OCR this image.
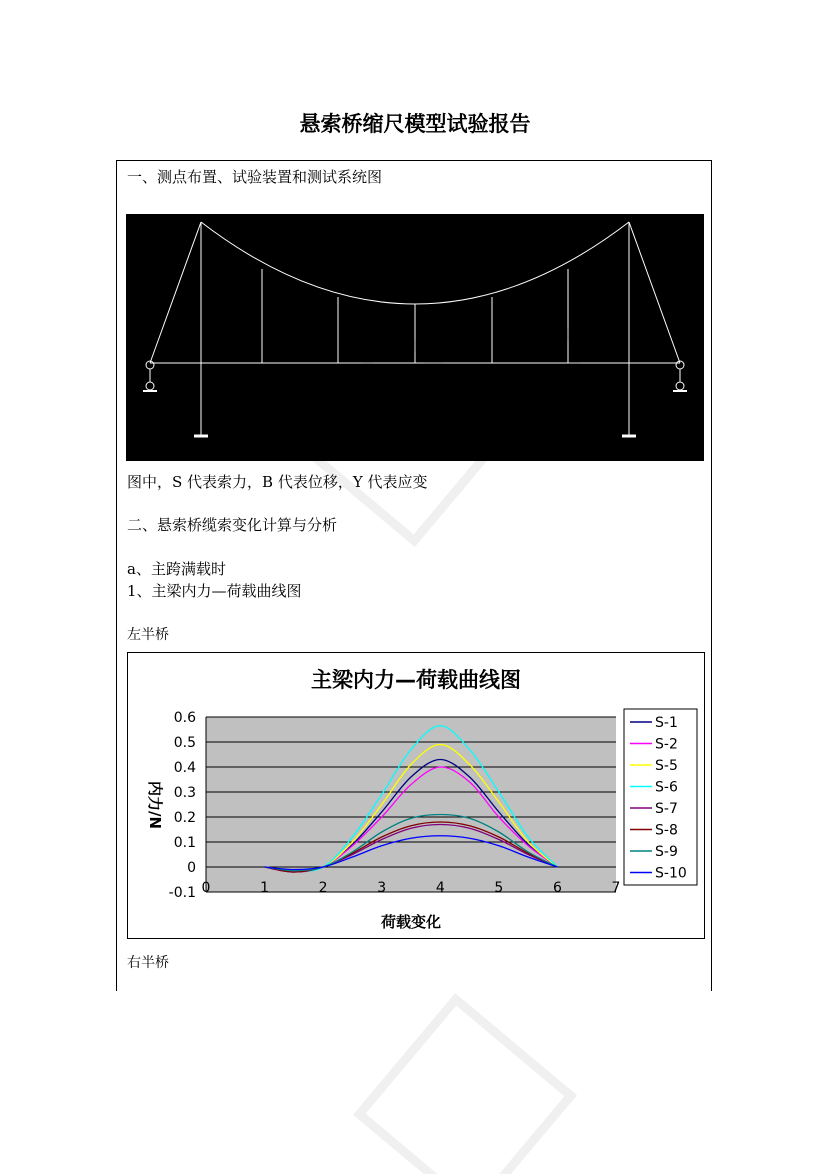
悬索桥缩尺模型试验报告
一、测点布置、试验装置和测试系统图
图中，S 代表索力，B 代表位移，Y 代表应变
二、悬索桥缆索变化计算与分析
a、主跨满载时
1、主梁内力—荷载曲线图
左半桥
主梁内力—荷载曲线图
-0.1
0
0.1
0.2
0.3
0.4
0.5
0.6
0	1	2	3	4	5	6	7
内力/N
荷载变化
S-1
S-2
S-5
S-6
S-7
S-8
S-9
S-10
右半桥
